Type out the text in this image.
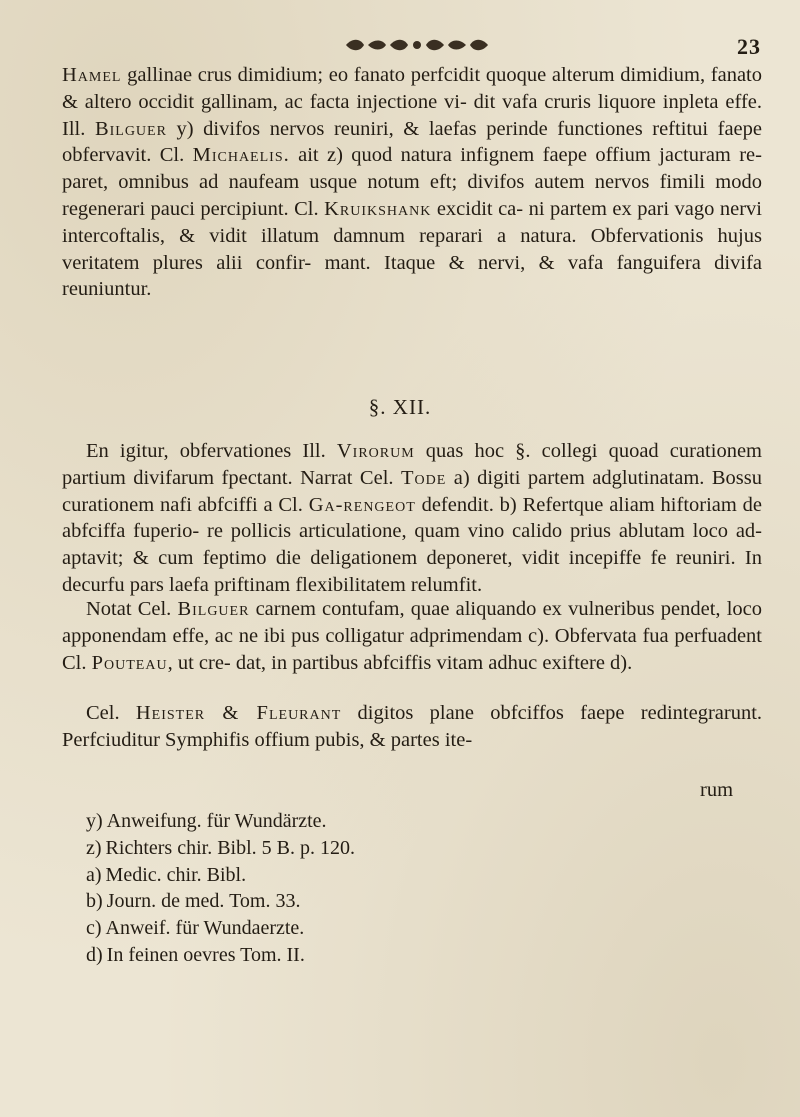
23

Hamel gallinae crus dimidium; eo fanato perfcidit quoque alterum dimidium, fanato & altero occidit gallinam, ac facta injectione vi- dit vafa cruris liquore inpleta effe. Ill. Bilguer y) divifos nervos reuniri, & laefas perinde functiones reftitui faepe obfervavit. Cl. Michaelis. ait z) quod natura infignem faepe offium jacturam re- paret, omnibus ad naufeam usque notum eft; divifos autem nervos fimili modo regenerari pauci percipiunt. Cl. Kruikshank excidit ca- ni partem ex pari vago nervi intercoftalis, & vidit illatum damnum reparari a natura. Obfervationis hujus veritatem plures alii confir- mant. Itaque & nervi, & vafa fanguifera divifa reuniuntur.

§. XII.

En igitur, obfervationes Ill. Virorum quas hoc §. collegi quoad curationem partium divifarum fpectant. Narrat Cel. Tode a) digiti partem adglutinatam. Bossu curationem nafi abfciffi a Cl. Ga-rengeot defendit. b) Refertque aliam hiftoriam de abfciffa fuperio- re pollicis articulatione, quam vino calido prius ablutam loco ad- aptavit; & cum feptimo die deligationem deponeret, vidit incepiffe fe reuniri. In decurfu pars laefa priftinam flexibilitatem relumfit.

Notat Cel. Bilguer carnem contufam, quae aliquando ex vulneribus pendet, loco apponendam effe, ac ne ibi pus colligatur adprimendam c). Obfervata fua perfuadent Cl. Pouteau, ut cre- dat, in partibus abfciffis vitam adhuc exiftere d).

Cel. Heister & Fleurant digitos plane obfciffos faepe redintegrarunt. Perfciuditur Symphifis offium pubis, & partes ite-

rum
y) Anweifung. für Wundärzte.
z) Richters chir. Bibl. 5 B. p. 120.
a) Medic. chir. Bibl.
b) Journ. de med. Tom. 33.
c) Anweif. für Wundaerzte.
d) In feinen oevres Tom. II.
